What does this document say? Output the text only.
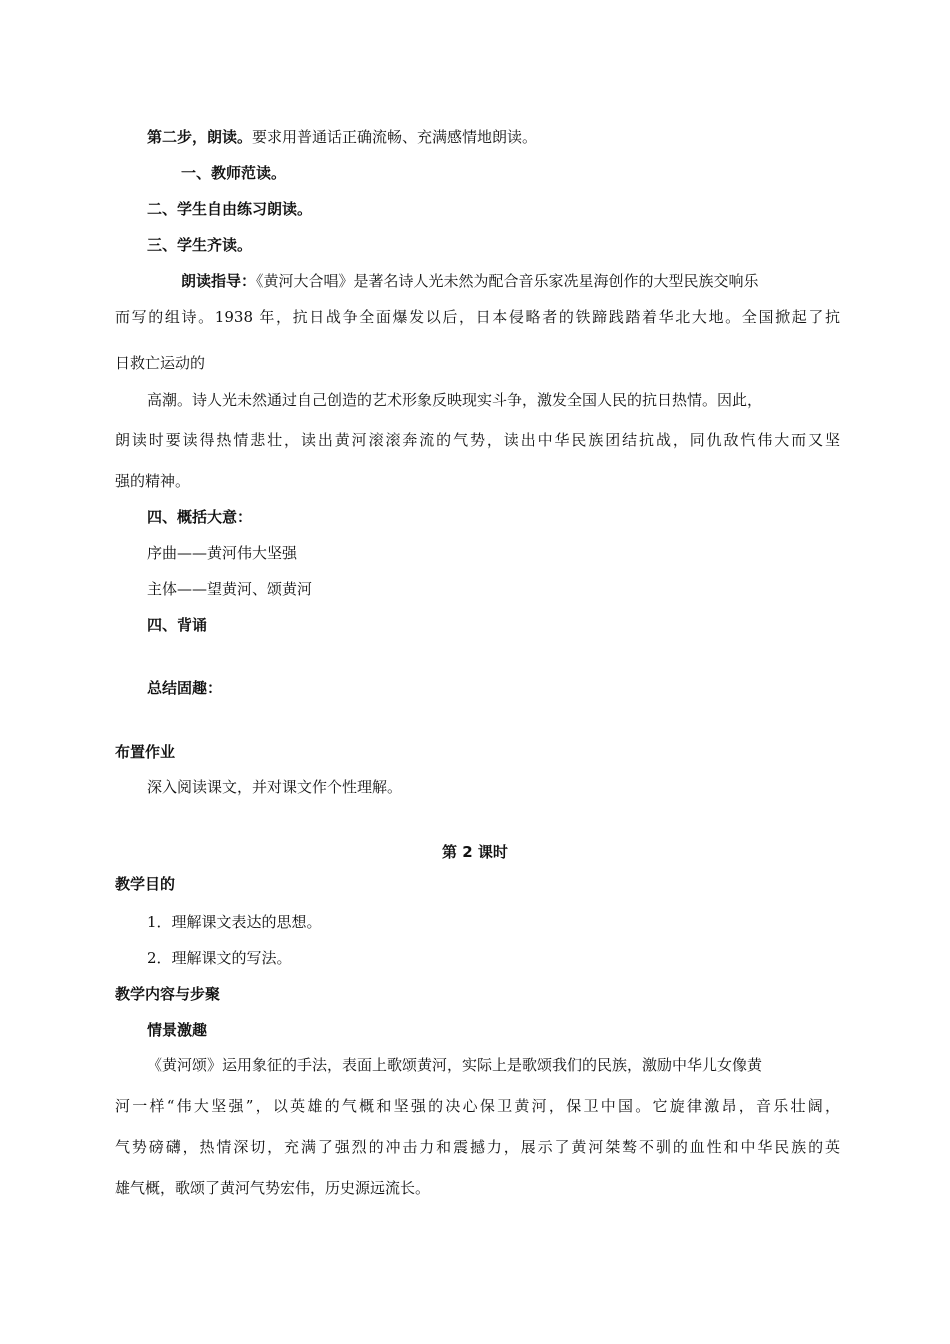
第二步，朗读。要求用普通话正确流畅、充满感情地朗读。
一、教师范读。
二、学生自由练习朗读。
三、学生齐读。
朗读指导：《黄河大合唱》是著名诗人光未然为配合音乐家冼星海创作的大型民族交响乐
而写的组诗。1938 年，抗日战争全面爆发以后，日本侵略者的铁蹄践踏着华北大地。全国掀起了抗
日救亡运动的
高潮。诗人光未然通过自己创造的艺术形象反映现实斗争，激发全国人民的抗日热情。因此，
朗读时要读得热情悲壮，读出黄河滚滚奔流的气势，读出中华民族团结抗战，同仇敌忾伟大而又坚
强的精神。
四、概括大意：
序曲——黄河伟大坚强
主体——望黄河、颂黄河
四、背诵
总结固趣：
布置作业
深入阅读课文，并对课文作个性理解。
第 2 课时
教学目的
1．理解课文表达的思想。
2．理解课文的写法。
教学内容与步聚
情景激趣
《黄河颂》运用象征的手法，表面上歌颂黄河，实际上是歌颂我们的民族，激励中华儿女像黄
河一样“伟大坚强”，以英雄的气概和坚强的决心保卫黄河，保卫中国。它旋律激昂，音乐壮阔，
气势磅礴，热情深切，充满了强烈的冲击力和震撼力，展示了黄河桀骜不驯的血性和中华民族的英
雄气概，歌颂了黄河气势宏伟，历史源远流长。
